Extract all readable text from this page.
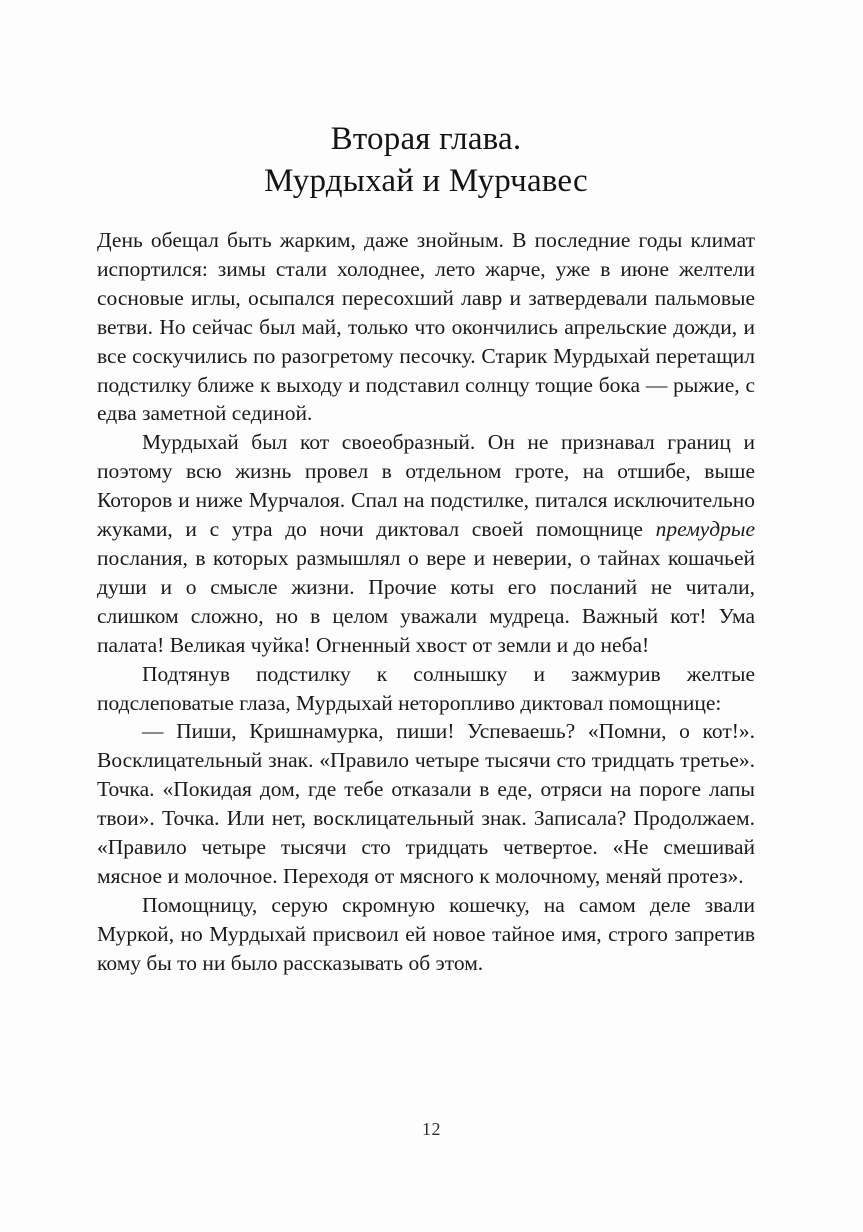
Вторая глава.
Мурдыхай и Мурчавес

День обещал быть жарким, даже знойным. В последние годы климат испортился: зимы стали холоднее, лето жарче, уже в июне желтели сосновые иглы, осыпался пересохший лавр и затвердевали пальмовые ветви. Но сейчас был май, только что окончились апрельские дожди, и все соскучились по разогретому песочку. Старик Мурдыхай перетащил подстилку ближе к выходу и подставил солнцу тощие бока — рыжие, с едва заметной сединой.

Мурдыхай был кот своеобразный. Он не признавал границ и поэтому всю жизнь провел в отдельном гроте, на отшибе, выше Которов и ниже Мурчалоя. Спал на подстилке, питался исключительно жуками, и с утра до ночи диктовал своей помощнице премудрые послания, в которых размышлял о вере и неверии, о тайнах кошачьей души и о смысле жизни. Прочие коты его посланий не читали, слишком сложно, но в целом уважали мудреца. Важный кот! Ума палата! Великая чуйка! Огненный хвост от земли и до неба!

Подтянув подстилку к солнышку и зажмурив желтые подслеповатые глаза, Мурдыхай неторопливо диктовал помощнице:

— Пиши, Кришнамурка, пиши! Успеваешь? «Помни, о кот!». Восклицательный знак. «Правило четыре тысячи сто тридцать третье». Точка. «Покидая дом, где тебе отказали в еде, отряси на пороге лапы твои». Точка. Или нет, восклицательный знак. Записала? Продолжаем. «Правило четыре тысячи сто тридцать четвертое. «Не смешивай мясное и молочное. Переходя от мясного к молочному, меняй протез».

Помощницу, серую скромную кошечку, на самом деле звали Муркой, но Мурдыхай присвоил ей новое тайное имя, строго запретив кому бы то ни было рассказывать об этом.

12
